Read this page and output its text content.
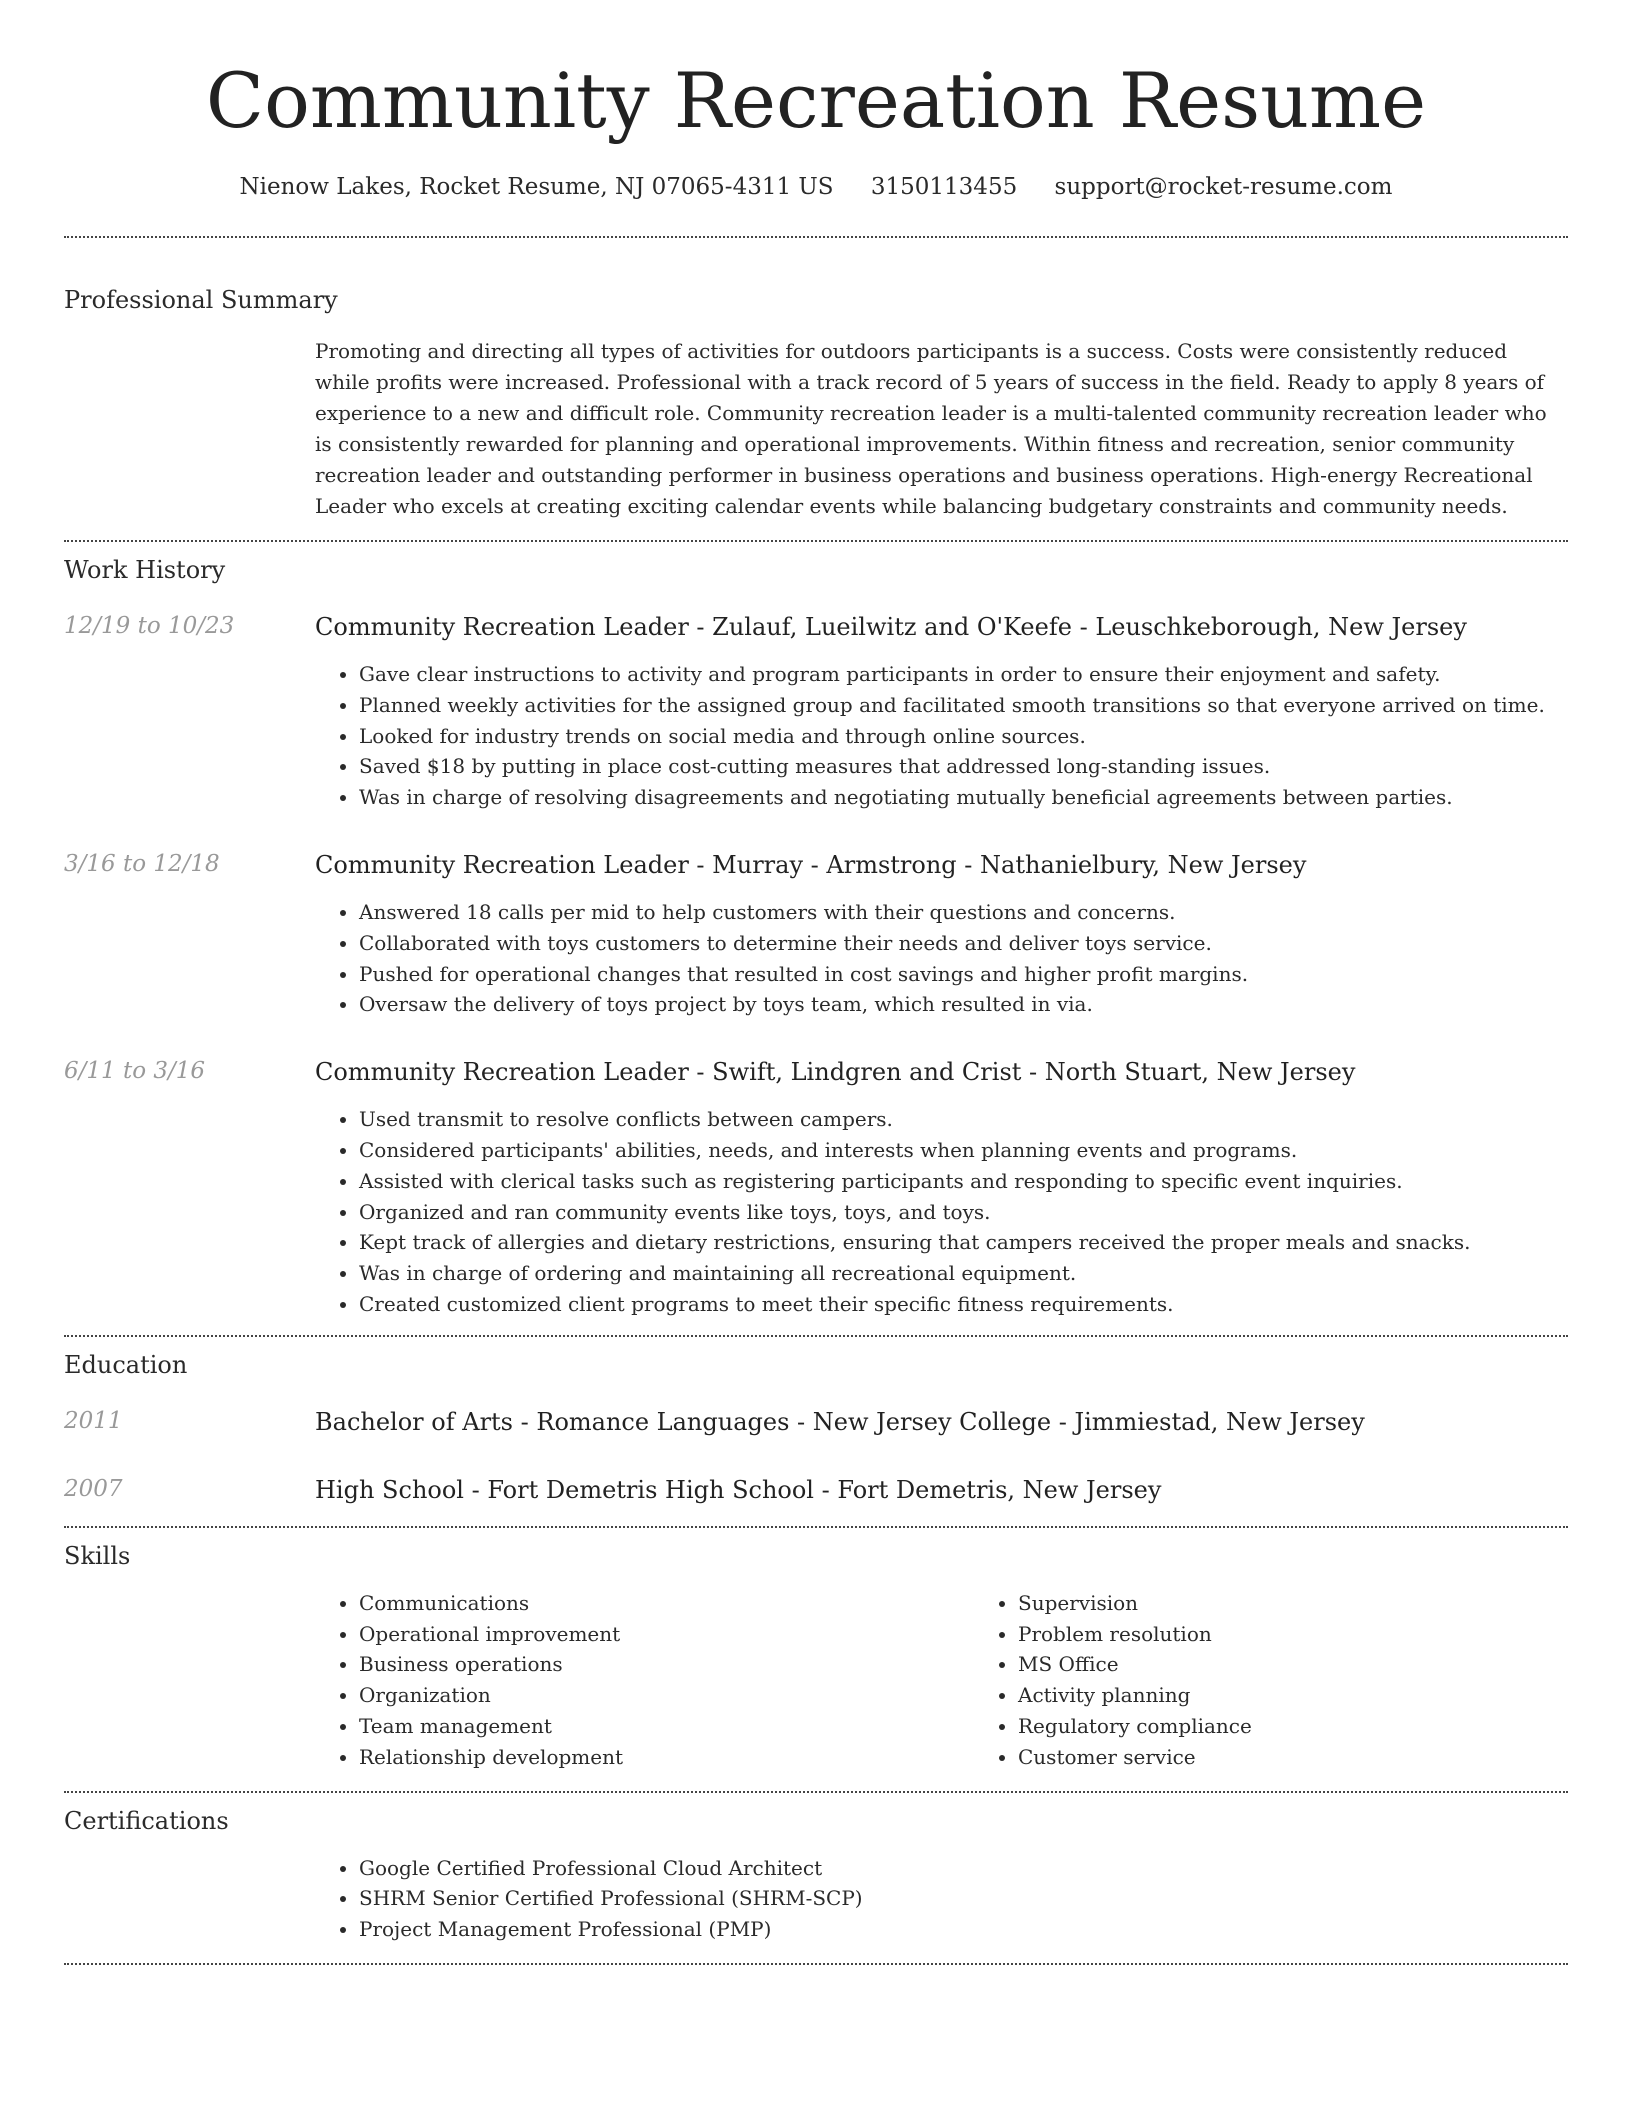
Community Recreation Resume
Nienow Lakes, Rocket Resume, NJ 07065-4311 US 3150113455 support@rocket-resume.com
Professional Summary

Promoting and directing all types of activities for outdoors participants is a success. Costs were consistently reduced while profits were increased. Professional with a track record of 5 years of success in the field. Ready to apply 8 years of experience to a new and difficult role. Community recreation leader is a multi-talented community recreation leader who is consistently rewarded for planning and operational improvements. Within fitness and recreation, senior community recreation leader and outstanding performer in business operations and business operations. High-energy Recreational Leader who excels at creating exciting calendar events while balancing budgetary constraints and community needs.

Work History
12/19 to 10/23	Community Recreation Leader - Zulauf, Lueilwitz and O'Keefe - Leuschkeborough, New Jersey
• Gave clear instructions to activity and program participants in order to ensure their enjoyment and safety.
• Planned weekly activities for the assigned group and facilitated smooth transitions so that everyone arrived on time.
• Looked for industry trends on social media and through online sources.
• Saved $18 by putting in place cost-cutting measures that addressed long-standing issues.
• Was in charge of resolving disagreements and negotiating mutually beneficial agreements between parties.
3/16 to 12/18	Community Recreation Leader - Murray - Armstrong - Nathanielbury, New Jersey
• Answered 18 calls per mid to help customers with their questions and concerns.
• Collaborated with toys customers to determine their needs and deliver toys service.
• Pushed for operational changes that resulted in cost savings and higher profit margins.
• Oversaw the delivery of toys project by toys team, which resulted in via.
6/11 to 3/16	Community Recreation Leader - Swift, Lindgren and Crist - North Stuart, New Jersey
• Used transmit to resolve conflicts between campers.
• Considered participants' abilities, needs, and interests when planning events and programs.
• Assisted with clerical tasks such as registering participants and responding to specific event inquiries.
• Organized and ran community events like toys, toys, and toys.
• Kept track of allergies and dietary restrictions, ensuring that campers received the proper meals and snacks.
• Was in charge of ordering and maintaining all recreational equipment.
• Created customized client programs to meet their specific fitness requirements.
Education
2011	Bachelor of Arts - Romance Languages - New Jersey College - Jimmiestad, New Jersey
2007	High School - Fort Demetris High School - Fort Demetris, New Jersey
Skills
• Communications
• Operational improvement
• Business operations
• Organization
• Team management
• Relationship development
• Supervision
• Problem resolution
• MS Office
• Activity planning
• Regulatory compliance
• Customer service
Certifications
• Google Certified Professional Cloud Architect
• SHRM Senior Certified Professional (SHRM-SCP)
• Project Management Professional (PMP)
